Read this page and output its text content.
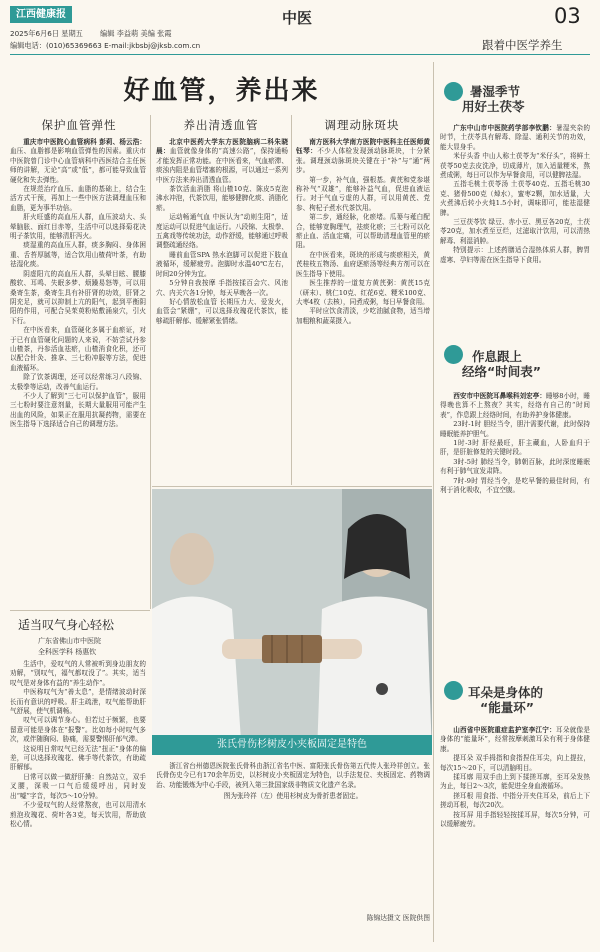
江西健康报	中医	03
2025年6月6日 星期五 编辑 李益萌 美编 张霞
编辑电话：(010)65369663 E-mail:jkbsbj@jksb.com.cn	跟着中医学养生
好血管，养出来
保护血管弹性	养出清透血管	调理动脉斑块

重庆市中医院心血管病科 彭莉、杨云浩：血压、血脂都是影响血管弹性的因素。重庆市中医院曾门诊中心血管病科中西医结合主任医师的讲解，无论“高”或“低”，都可能导致血管硬化和失去弹性。

在规范治疗血压、血脂的基础上，结合生活方式干预，再加上一些中医方法调理血压和血脂，更为事半功倍。

肝火旺盛的高血压人群，血压波动大、头晕脑胀、面红目赤等，生活中可以选择菊花决明子茶饮用，能够清肝泻火。

痰湿重的高血压人群，痰多胸闷、身体困重、舌苔厚腻等，适合饮用山楂荷叶茶，有助祛湿化痰。

阴虚阳亢的高血压人群，头晕目眩、腰膝酸软、耳鸣、失眠多梦、烦躁易怒等，可以用桑寄生茶，桑寄生具有补肝肾的功效，肝肾之阴充足，就可以抑制上亢的阳气，起到平衡阴阳的作用，可配合吴茱萸粉贴敷涌泉穴，引火下行。

在中医看来，血管硬化多属于血瘀证，对于已有血管硬化问题的人来说，不妨尝试丹参山楂茶，丹参活血祛瘀，山楂消食化积，还可以配合针灸、推拿、三七粉冲服等方法，促进血液循环。

除了饮茶调理，还可以经常练习八段锦、太极拳等运动，改善气血运行。

不少人了解到“三七可以保护血管”，服用三七粉时要注意剂量，长期大量服用可能产生出血的风险，如果正在服用抗凝药物，需要在医生指导下选择适合自己的调理方法。

北京中医药大学东方医院脑病二科朱晓晨：血管就像身体的“高速公路”，保持通畅才能发挥正常功能。在中医看来，气血瘀滞、痰浊内阻是血管堵塞的根源，可以通过一系列中医方法来养出清透血管。

茶饮活血消脂 将山楂10克、陈皮5克泡沸水冲泡，代茶饮用，能够健脾化痰、消脂化瘀。

运动畅通气血 中医认为“动则生阳”，适度运动可以促进气血运行。八段锦、太极拳、五禽戏等传统功法，动作舒缓，能够通过呼吸调整疏通经络。

睡前血管SPA 热水泡脚可以促进下肢血液循环，缓解疲劳。泡脚时水温40℃左右，时间20分钟为宜。

5分钟自我按摩 手指按揉百会穴、风池穴、内关穴各1分钟，每天早晚各一次。

好心情放松血管 长期压力大、爱发火，血管会“紧绷”，可以选择玫瑰花代茶饮，能够疏肝解郁、缓解紧张情绪。

南方医科大学南方医院中医科主任医师黄钰琴：不少人体检发现颈动脉斑块，十分紧张。调理颈动脉斑块关键在于“补”与“通”两步。

第一步，补气血，强根基。黄芪和党参堪称补气“双雄”，能够补益气血，促进血液运行。对于气血亏虚的人群，可以用黄芪、党参、枸杞子煮水代茶饮用。

第二步，通经脉，化瘀堵。瓜蒌与薤白配合，能够宽胸理气，祛痰化瘀；三七粉可以化瘀止血、活血定痛，可以帮助清理血管里的瘀阻。

在中医看来，斑块的形成与痰瘀相关，黄芪桂枝五物汤、血府逐瘀汤等经典方剂可以在医生指导下使用。

医生推荐的一道复方黄芪粥：黄芪15克（研末）、桃仁10克、红花6克、粳米100克、大枣4枚（去核），同煮成粥，每日早餐食用。

平时应饮食清淡，少吃油腻食物，适当增加粗粮和蔬菜摄入。

适当叹气身心轻松
广东省佛山市中医院
全科医学科 杨惠钦

生活中，爱叹气的人常被听到身边朋友的劝解，“别叹气，福气都叹没了”。其实，适当叹气是对身体有益的“养生动作”。

中医称叹气为“善太息”，是情绪波动时深长而有意识的呼吸。肝主疏泄，叹气能帮助肝气舒展，使气机调畅。

叹气可以调节身心。但若过于频繁，也要留意可能是身体在“报警”。比如每小时叹气多次，或伴随胸闷、胁痛，需要警惕肝郁气滞。

这说明日常叹气已经无法“扭正”身体的偏差，可以选择玫瑰花、佛手等代茶饮，有助疏肝解郁。

日常可以做一做舒肝操：自然站立，双手叉腰，深吸一口气后缓缓呼出，同时发出“嘘”字音，每次5～10分钟。

不少爱叹气的人经常熬夜，也可以用清水煎泡玫瑰花、荷叶各3克，每天饮用，帮助放松心情。

张氏骨伤杉树皮小夹板固定是特色

浙江省台州德恩医院张氏骨科由浙江省名中医、富阳张氏骨伤第五代传人张玲祥创立。张氏骨伤史今已有170余年历史，以杉树皮小夹板固定为特色，以手法复位、夹板固定、药物调治、功能锻炼为中心手段，被列入第三批国家级非物质文化遗产名录。

图为张玲祥（左）使用杉树皮为骨折患者固定。

陈锦达摄文 医院供图
暑湿季节
用好土茯苓

广东中山市中医院药学部李钦鹏：暑湿夹杂的时节，土茯苓具有解毒、除湿、通利关节的功效，能大显身手。

米仔头香 中山人称土茯苓为“米仔头”，将鲜土茯苓50克去皮洗净，切成薄片，加入适量粳米，熬煮成粥，每日可以作为早餐食用，可以健脾祛湿。

五指毛桃土茯苓汤 土茯苓40克、五指毛桃30克、猪骨500克（焯水），蜜枣2颗，加水适量，大火煮沸后转小火炖1.5小时，调味即可，能祛湿健脾。

三豆茯苓饮 绿豆、赤小豆、黑豆各20克，土茯苓20克，加水煮至豆烂，过滤取汁饮用，可以清热解毒、利湿消肿。

特别提示：上述药膳适合湿热体质人群，脾胃虚寒、孕妇等需在医生指导下食用。

作息跟上
经络“时间表”

西安市中医院耳鼻喉科刘宏亭：睡够8小时，睡得晚也算不上熬夜？其实，经络有自己的“时间表”，作息跟上经络时间，有助养护身体健康。

23时-1时 胆经当令，胆汁需要代谢，此时保持睡眠能养护胆气。

1时-3时 肝经最旺，肝主藏血，人卧血归于肝，是肝脏修复的关键时段。

3时-5时 肺经当令，肺朝百脉，此时深度睡眠有利于肺气宣发肃降。

7时-9时 胃经当令，是吃早餐的最佳时间，有利于消化吸收，不宜空腹。

耳朵是身体的
“能量环”

山西省中医院重症监护室李江宁：耳朵就像是身体的“能量环”，经常按摩刺激耳朵有利于身体健康。

提耳朵 双手拇指和食指捏住耳尖，向上提拉，每次15～20下，可以清脑明目。

揉耳廓 用双手由上到下揉搓耳廓，至耳朵发热为止，每日2～3次，能促进全身血液循环。

搓耳根 用食指、中指分开夹住耳朵，前后上下搓动耳根，每次20次。

按耳屏 用手指轻轻按揉耳屏，每次5分钟，可以缓解疲劳。
